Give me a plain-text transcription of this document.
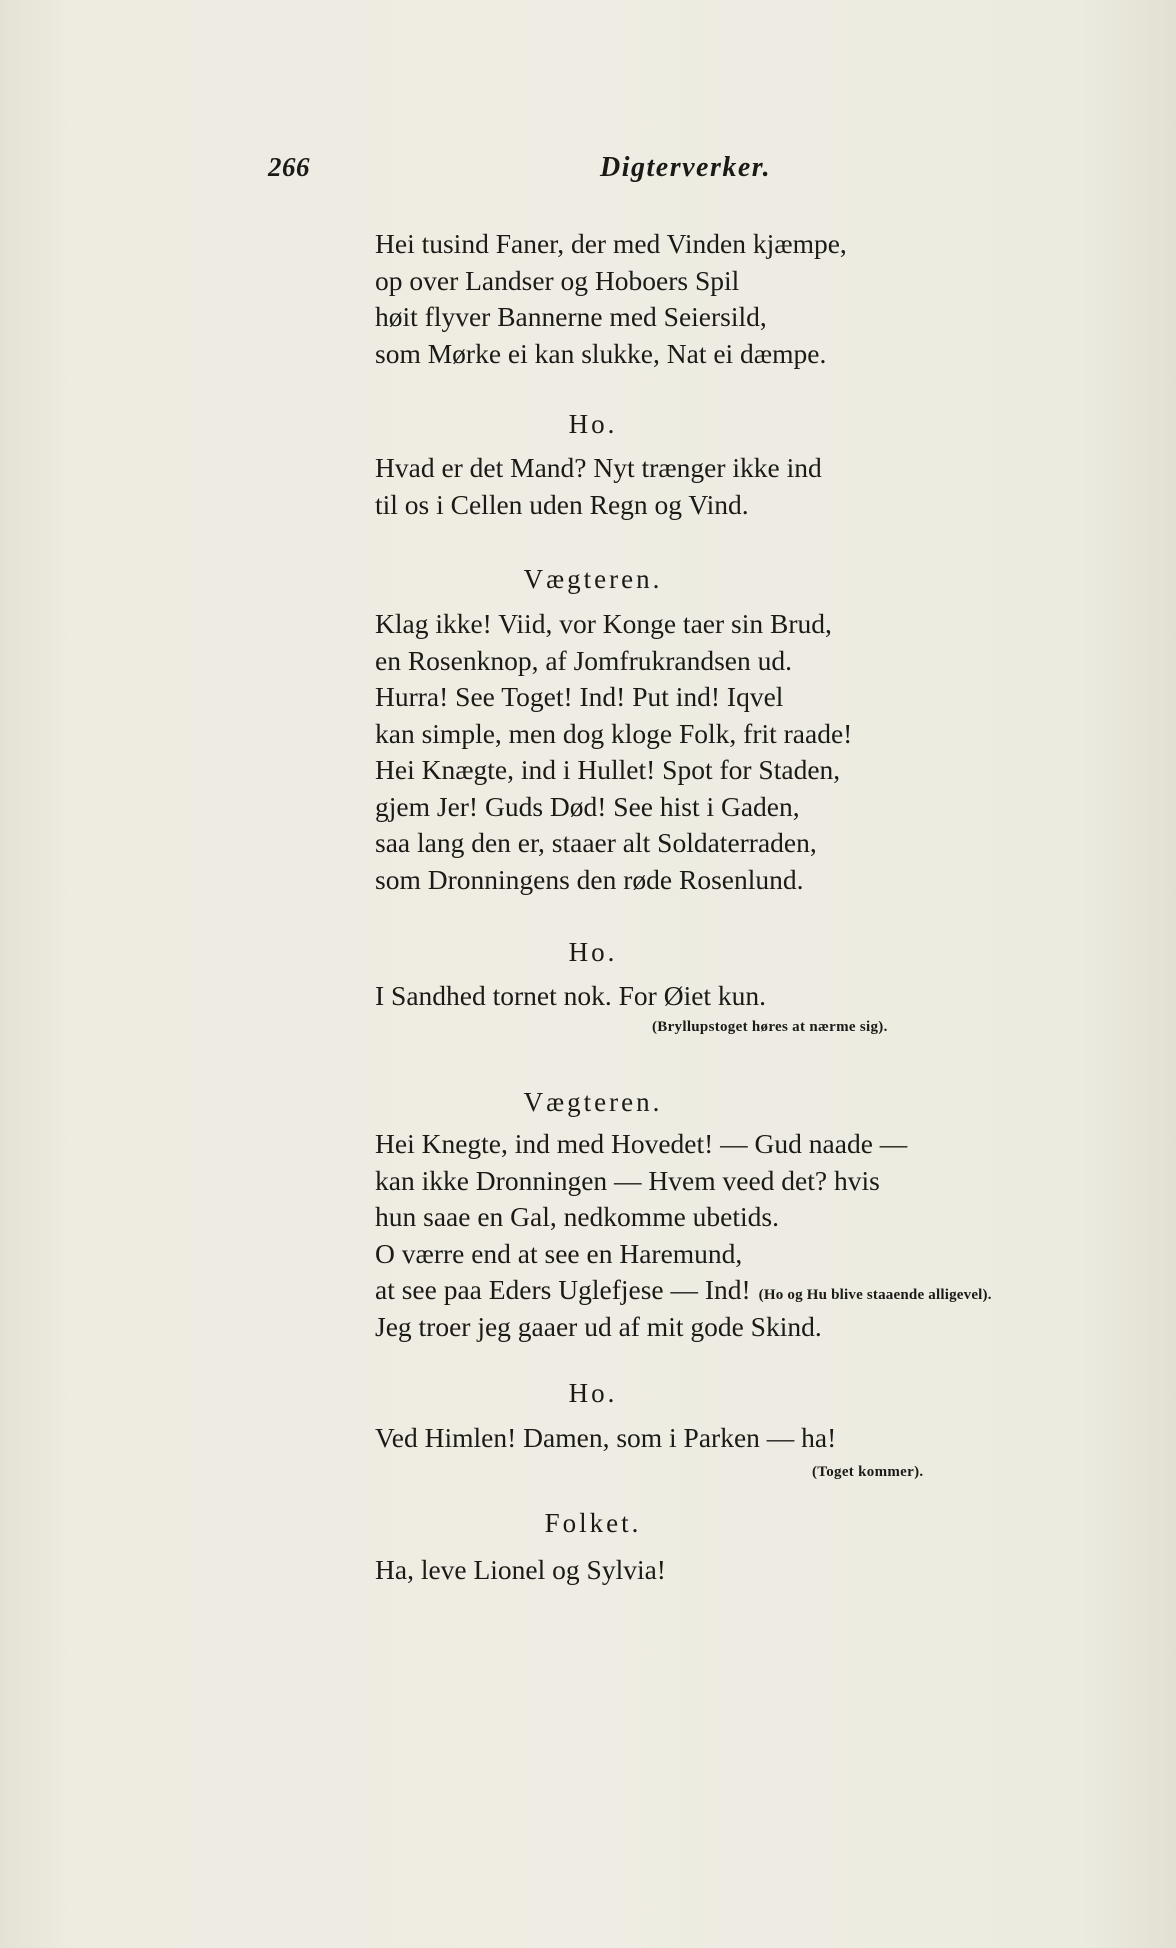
266	Digterverker.
Hei tusind Faner, der med Vinden kjæmpe,
op over Landser og Hoboers Spil
høit flyver Bannerne med Seiersild,
som Mørke ei kan slukke, Nat ei dæmpe.
Ho.
Hvad er det Mand? Nyt trænger ikke ind
til os i Cellen uden Regn og Vind.
Vægteren.
Klag ikke! Viid, vor Konge taer sin Brud,
en Rosenknop, af Jomfrukrandsen ud.
Hurra! See Toget! Ind! Put ind! Iqvel
kan simple, men dog kloge Folk, frit raade!
Hei Knægte, ind i Hullet! Spot for Staden,
gjem Jer! Guds Død! See hist i Gaden,
saa lang den er, staaer alt Soldaterraden,
som Dronningens den røde Rosenlund.
Ho.
I Sandhed tornet nok. For Øiet kun.
(Bryllupstoget høres at nærme sig).
Vægteren.
Hei Knegte, ind med Hovedet! — Gud naade —
kan ikke Dronningen — Hvem veed det? hvis
hun saae en Gal, nedkomme ubetids.
O værre end at see en Haremund,
at see paa Eders Uglefjese — Ind! (Ho og Hu blive staaende alligevel).
Jeg troer jeg gaaer ud af mit gode Skind.
Ho.
Ved Himlen! Damen, som i Parken — ha!
(Toget kommer).
Folket.
Ha, leve Lionel og Sylvia!
